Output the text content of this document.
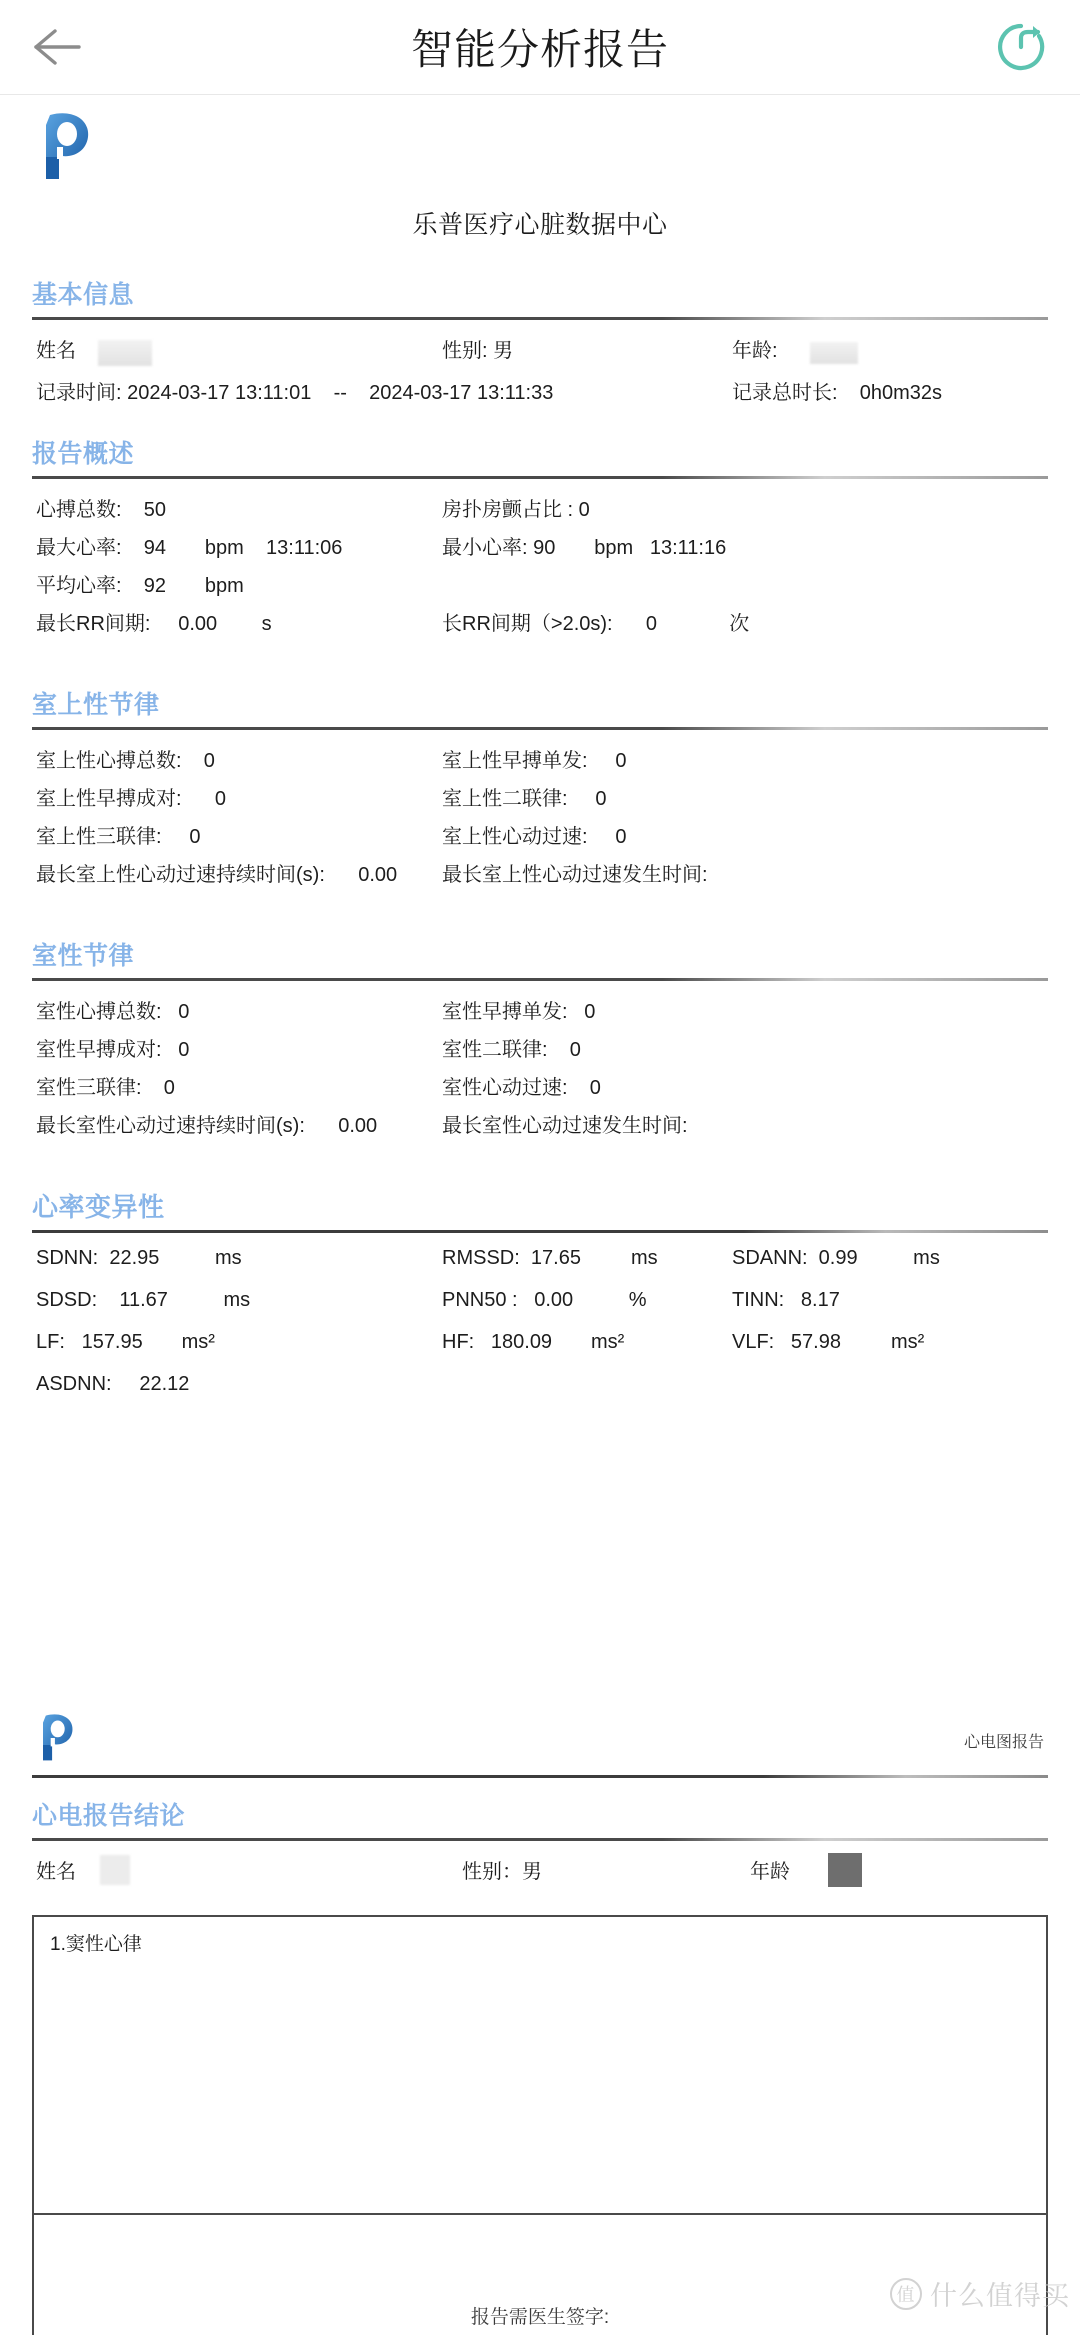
智能分析报告
乐普医疗心脏数据中心
基本信息
姓名	性别: 男	年龄:
记录时间: 2024-03-17 13:11:01    --    2024-03-17 13:11:33	记录总时长:    0h0m32s
报告概述
心搏总数:    50	房扑房颤占比 : 0
最大心率:    94       bpm    13:11:06	最小心率: 90       bpm   13:11:16
平均心率:    92       bpm
最长RR间期:     0.00        s	长RR间期（>2.0s):      0             次
室上性节律
室上性心搏总数:    0	室上性早搏单发:     0
室上性早搏成对:      0	室上性二联律:     0
室上性三联律:     0	室上性心动过速:     0
最长室上性心动过速持续时间(s):      0.00 最长室上性心动过速发生时间:
室性节律
室性心搏总数:   0	室性早搏单发:   0
室性早搏成对:   0	室性二联律:    0
室性三联律:    0	室性心动过速:    0
最长室性心动过速持续时间(s):      0.00	最长室性心动过速发生时间:
心率变异性
SDNN:  22.95          ms	RMSSD:  17.65         ms	SDANN:  0.99          ms
SDSD:    11.67          ms	PNN50 :   0.00          %	TINN:   8.17
LF:   157.95       ms²	HF:   180.09       ms²	VLF:   57.98         ms²
ASDNN:     22.12
心电图报告
心电报告结论
姓名	性别：男	年龄
1.窦性心律
报告需医生签字:
值 什么值得买
